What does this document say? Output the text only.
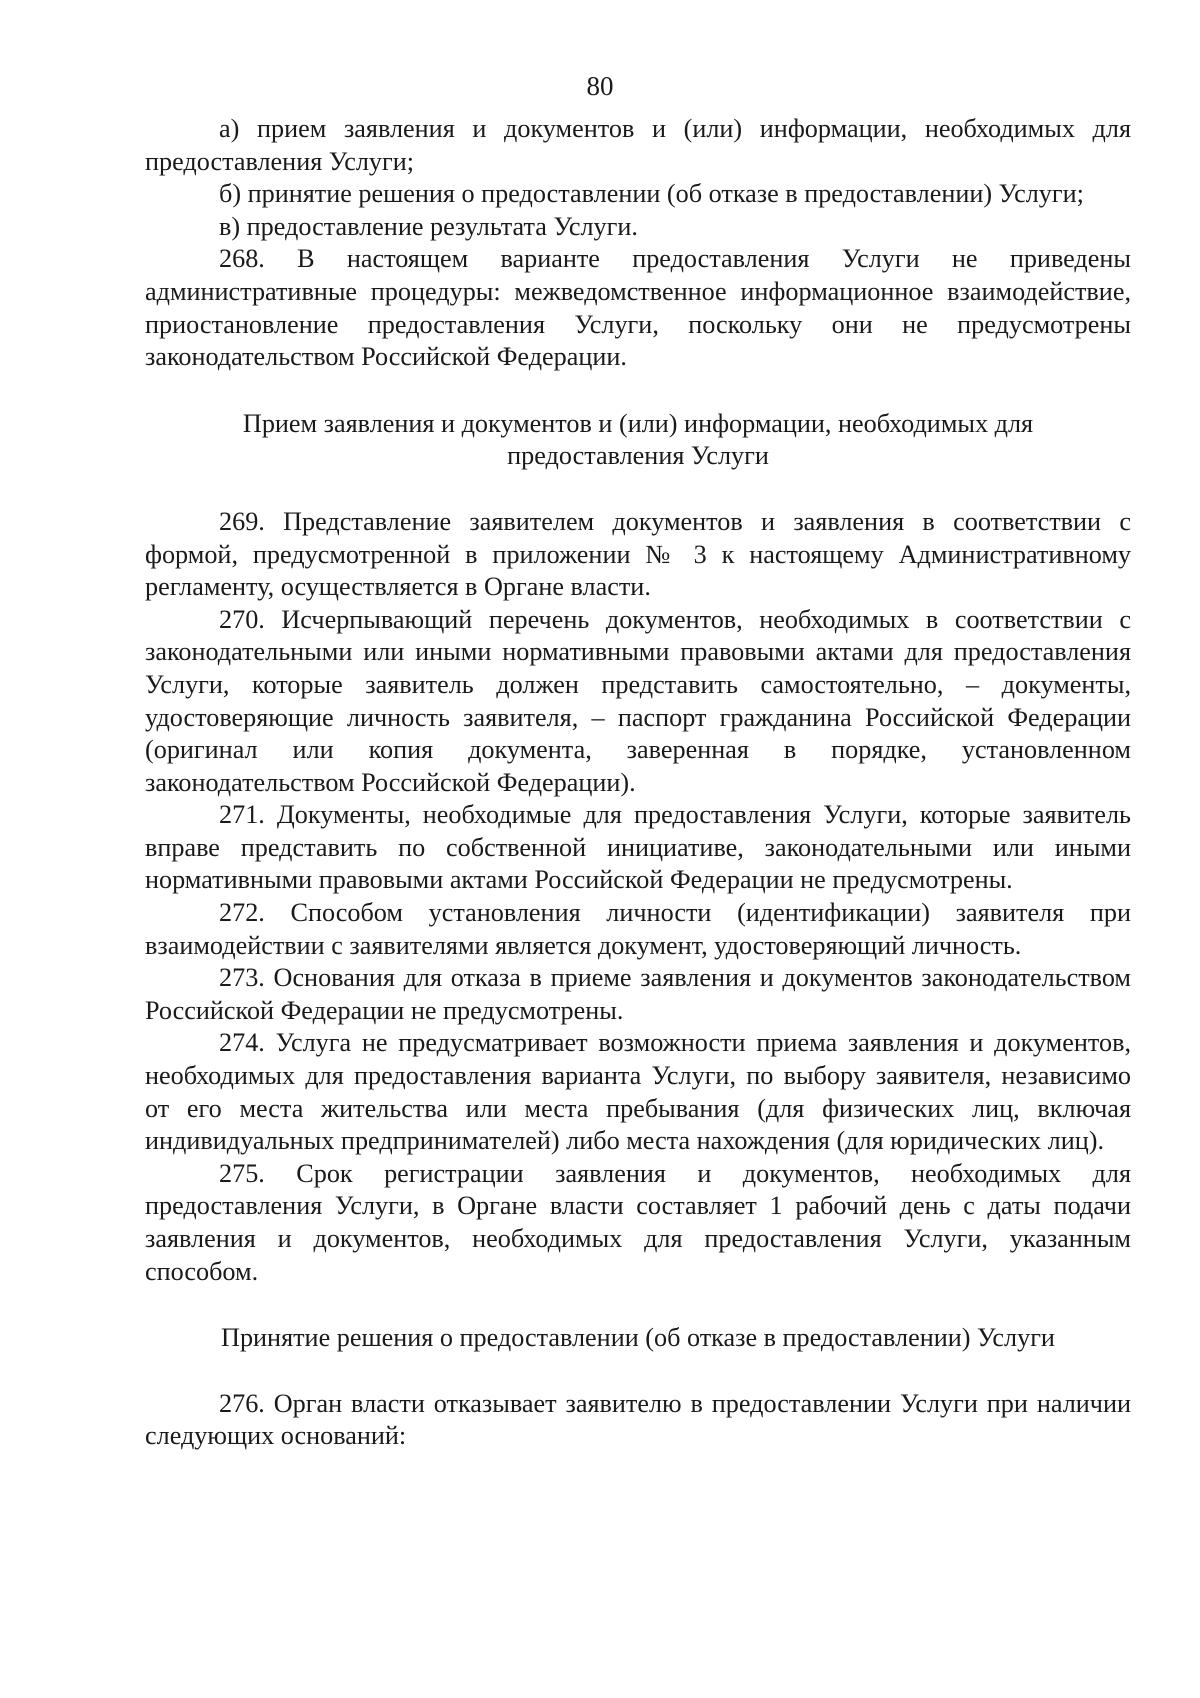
80

а) прием заявления и документов и (или) информации, необходимых для предоставления Услуги;

б) принятие решения о предоставлении (об отказе в предоставлении) Услуги;

в) предоставление результата Услуги.

268. В настоящем варианте предоставления Услуги не приведены административные процедуры: межведомственное информационное взаимодействие, приостановление предоставления Услуги, поскольку они не предусмотрены законодательством Российской Федерации.

Прием заявления и документов и (или) информации, необходимых для предоставления Услуги

269. Представление заявителем документов и заявления в соответствии с формой, предусмотренной в приложении № 3 к настоящему Административному регламенту, осуществляется в Органе власти.

270. Исчерпывающий перечень документов, необходимых в соответствии с законодательными или иными нормативными правовыми актами для предоставления Услуги, которые заявитель должен представить самостоятельно, – документы, удостоверяющие личность заявителя, – паспорт гражданина Российской Федерации (оригинал или копия документа, заверенная в порядке, установленном законодательством Российской Федерации).

271. Документы, необходимые для предоставления Услуги, которые заявитель вправе представить по собственной инициативе, законодательными или иными нормативными правовыми актами Российской Федерации не предусмотрены.

272. Способом установления личности (идентификации) заявителя при взаимодействии с заявителями является документ, удостоверяющий личность.

273. Основания для отказа в приеме заявления и документов законодательством Российской Федерации не предусмотрены.

274. Услуга не предусматривает возможности приема заявления и документов, необходимых для предоставления варианта Услуги, по выбору заявителя, независимо от его места жительства или места пребывания (для физических лиц, включая индивидуальных предпринимателей) либо места нахождения (для юридических лиц).

275. Срок регистрации заявления и документов, необходимых для предоставления Услуги, в Органе власти составляет 1 рабочий день с даты подачи заявления и документов, необходимых для предоставления Услуги, указанным способом.

Принятие решения о предоставлении (об отказе в предоставлении) Услуги

276. Орган власти отказывает заявителю в предоставлении Услуги при наличии следующих оснований:
